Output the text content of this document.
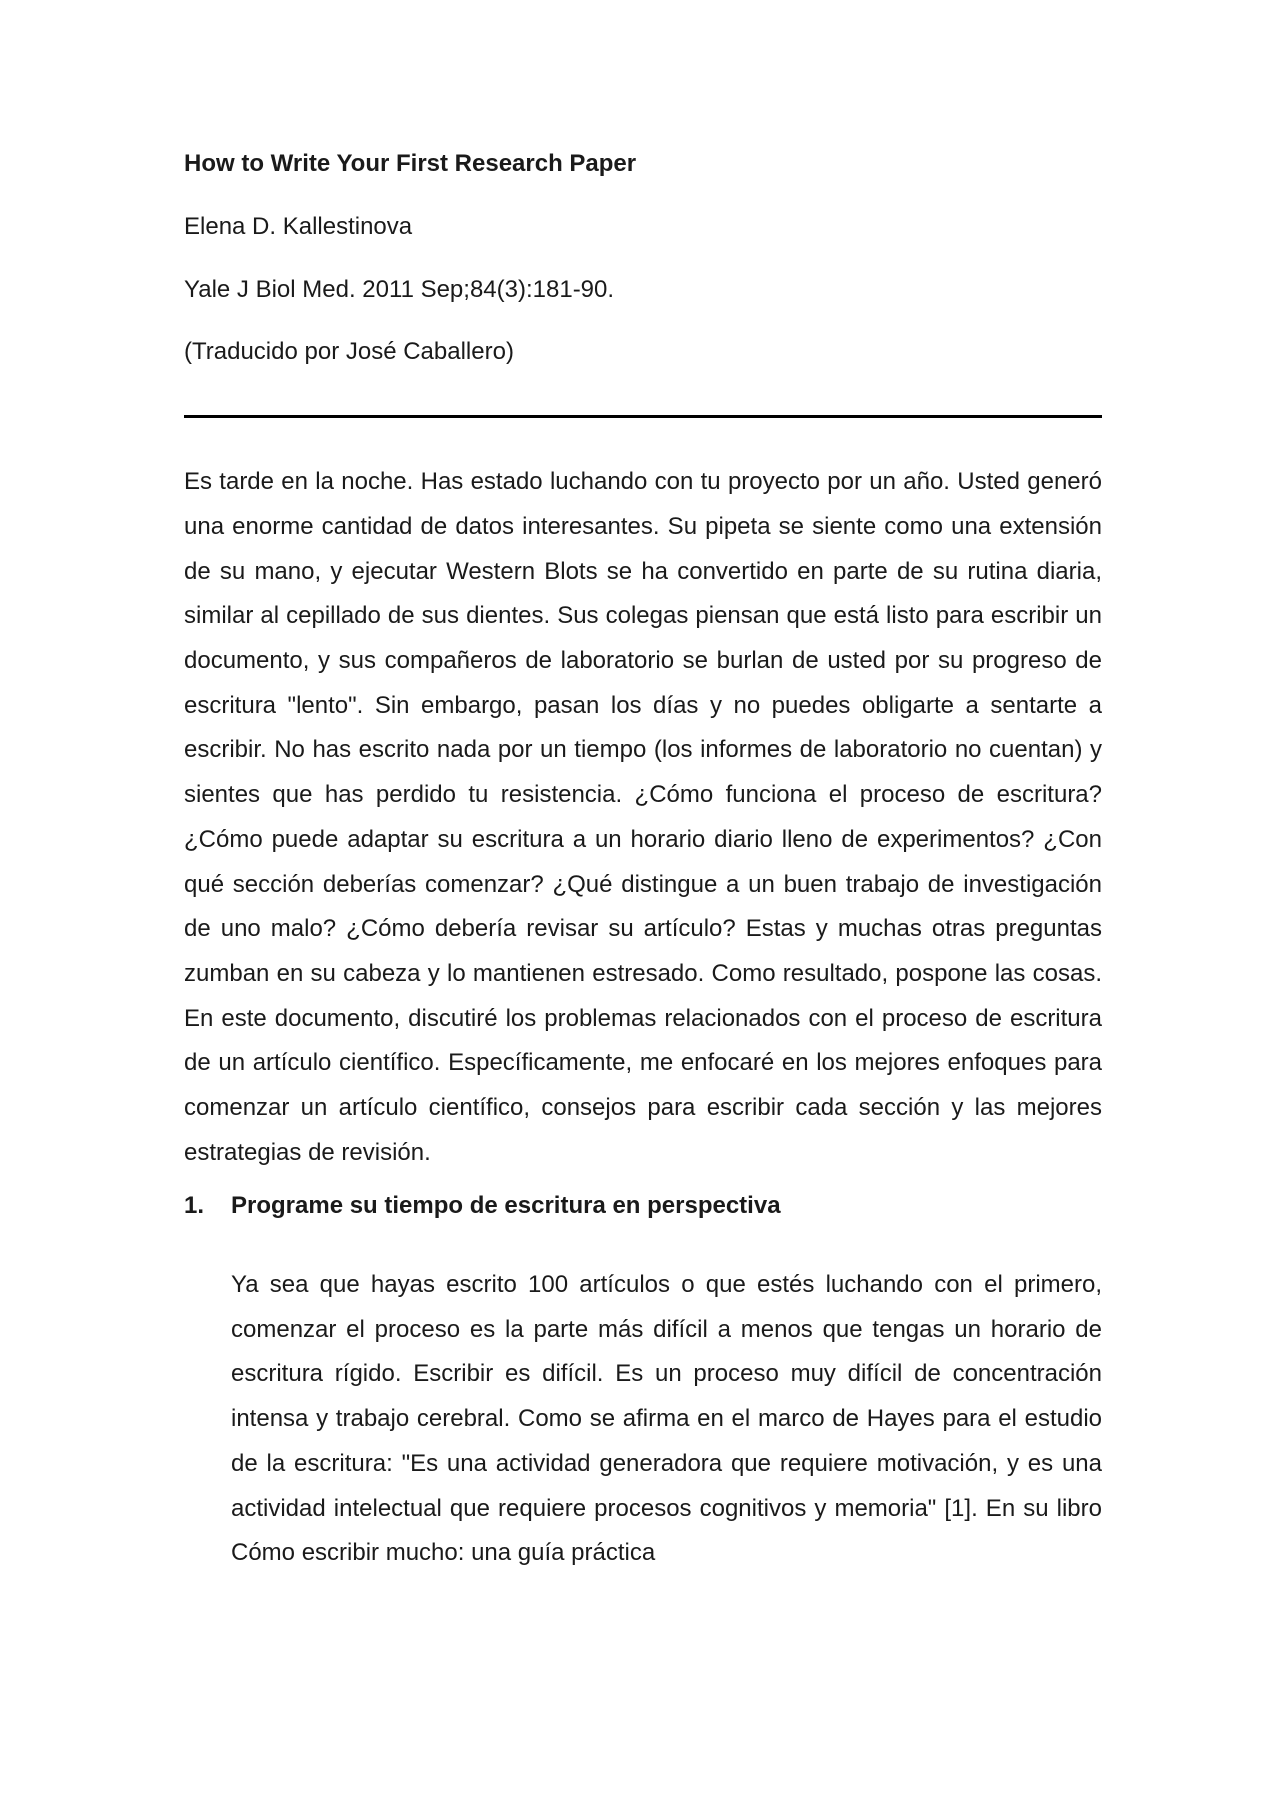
How to Write Your First Research Paper

Elena D. Kallestinova

Yale J Biol Med. 2011 Sep;84(3):181-90.

(Traducido por José Caballero)

Es tarde en la noche. Has estado luchando con tu proyecto por un año. Usted generó una enorme cantidad de datos interesantes. Su pipeta se siente como una extensión de su mano, y ejecutar Western Blots se ha convertido en parte de su rutina diaria, similar al cepillado de sus dientes. Sus colegas piensan que está listo para escribir un documento, y sus compañeros de laboratorio se burlan de usted por su progreso de escritura "lento". Sin embargo, pasan los días y no puedes obligarte a sentarte a escribir. No has escrito nada por un tiempo (los informes de laboratorio no cuentan) y sientes que has perdido tu resistencia. ¿Cómo funciona el proceso de escritura? ¿Cómo puede adaptar su escritura a un horario diario lleno de experimentos? ¿Con qué sección deberías comenzar? ¿Qué distingue a un buen trabajo de investigación de uno malo? ¿Cómo debería revisar su artículo? Estas y muchas otras preguntas zumban en su cabeza y lo mantienen estresado. Como resultado, pospone las cosas. En este documento, discutiré los problemas relacionados con el proceso de escritura de un artículo científico. Específicamente, me enfocaré en los mejores enfoques para comenzar un artículo científico, consejos para escribir cada sección y las mejores estrategias de revisión.

1.	Programe su tiempo de escritura en perspectiva

Ya sea que hayas escrito 100 artículos o que estés luchando con el primero, comenzar el proceso es la parte más difícil a menos que tengas un horario de escritura rígido. Escribir es difícil. Es un proceso muy difícil de concentración intensa y trabajo cerebral. Como se afirma en el marco de Hayes para el estudio de la escritura: "Es una actividad generadora que requiere motivación, y es una actividad intelectual que requiere procesos cognitivos y memoria" [1]. En su libro Cómo escribir mucho: una guía práctica
